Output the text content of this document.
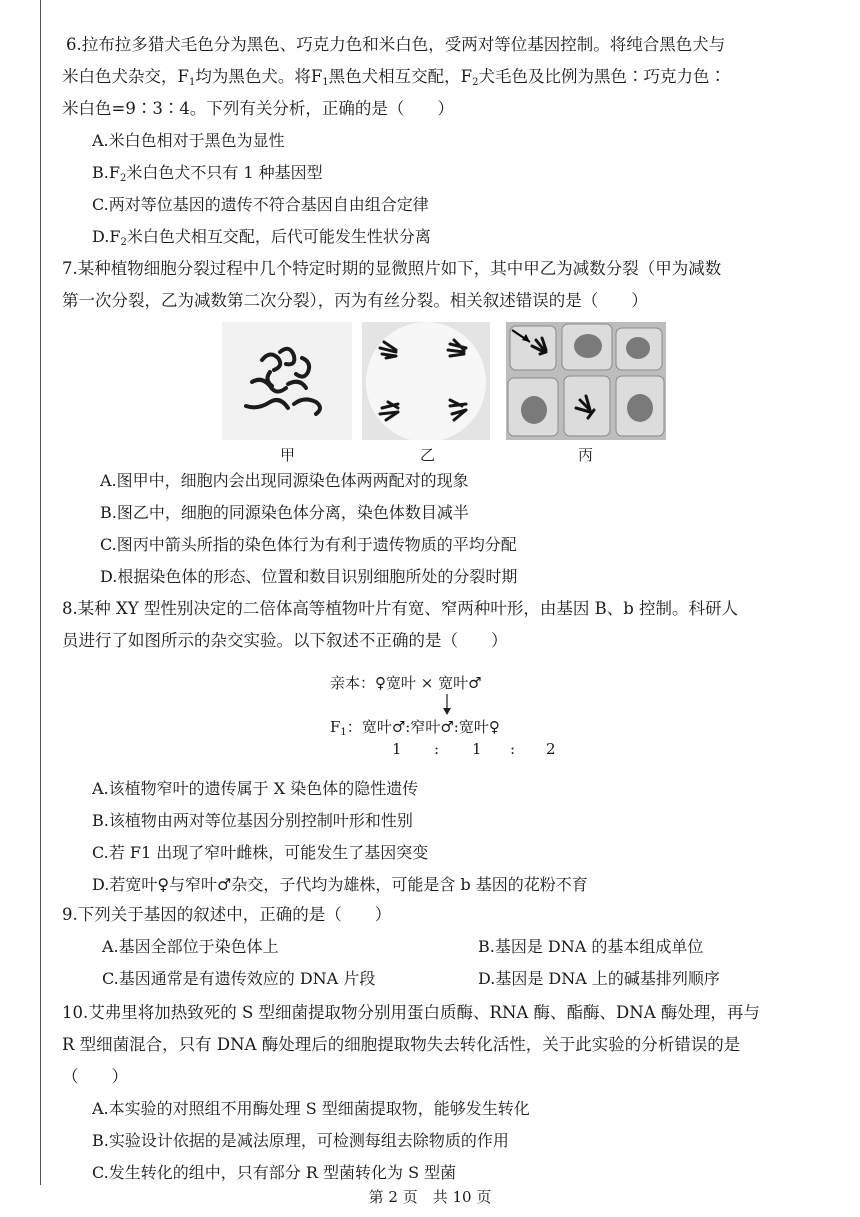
6.拉布拉多猎犬毛色分为黑色、巧克力色和米白色，受两对等位基因控制。将纯合黑色犬与
米白色犬杂交，$F_1$均为黑色犬。将$F_1$黑色犬相互交配，$F_2$犬毛色及比例为黑色∶巧克力色∶
米白色=9∶3∶4。下列有关分析，正确的是（　　）
A.米白色相对于黑色为显性
$B.F_2$米白色犬不只有 1 种基因型
C.两对等位基因的遗传不符合基因自由组合定律
$D.F_2$米白色犬相互交配，后代可能发生性状分离
7.某种植物细胞分裂过程中几个特定时期的显微照片如下，其中甲乙为减数分裂（甲为减数
第一次分裂，乙为减数第二次分裂），丙为有丝分裂。相关叙述错误的是（　　）
甲	乙	丙
A.图甲中，细胞内会出现同源染色体两两配对的现象
B.图乙中，细胞的同源染色体分离，染色体数目减半
C.图丙中箭头所指的染色体行为有利于遗传物质的平均分配
D.根据染色体的形态、位置和数目识别细胞所处的分裂时期
8.某种 XY 型性别决定的二倍体高等植物叶片有宽、窄两种叶形，由基因 B、b 控制。科研人
员进行了如图所示的杂交实验。以下叙述不正确的是（　　）
亲本：♀宽叶 × 宽叶♂
$F_1$：宽叶♂:窄叶♂:宽叶♀
1 : 1 : 2
A.该植物窄叶的遗传属于 X 染色体的隐性遗传
B.该植物由两对等位基因分别控制叶形和性别
C.若 F1 出现了窄叶雌株，可能发生了基因突变
D.若宽叶♀与窄叶♂杂交，子代均为雄株，可能是含 b 基因的花粉不育
9.下列关于基因的叙述中，正确的是（　　）
A.基因全部位于染色体上	B.基因是 DNA 的基本组成单位
C.基因通常是有遗传效应的 DNA 片段	D.基因是 DNA 上的碱基排列顺序
10.艾弗里将加热致死的 S 型细菌提取物分别用蛋白质酶、RNA 酶、酯酶、DNA 酶处理，再与
R 型细菌混合，只有 DNA 酶处理后的细胞提取物失去转化活性，关于此实验的分析错误的是
（　　）
A.本实验的对照组不用酶处理 S 型细菌提取物，能够发生转化
B.实验设计依据的是减法原理，可检测每组去除物质的作用
C.发生转化的组中，只有部分 R 型菌转化为 S 型菌
第 2 页　共 10 页
